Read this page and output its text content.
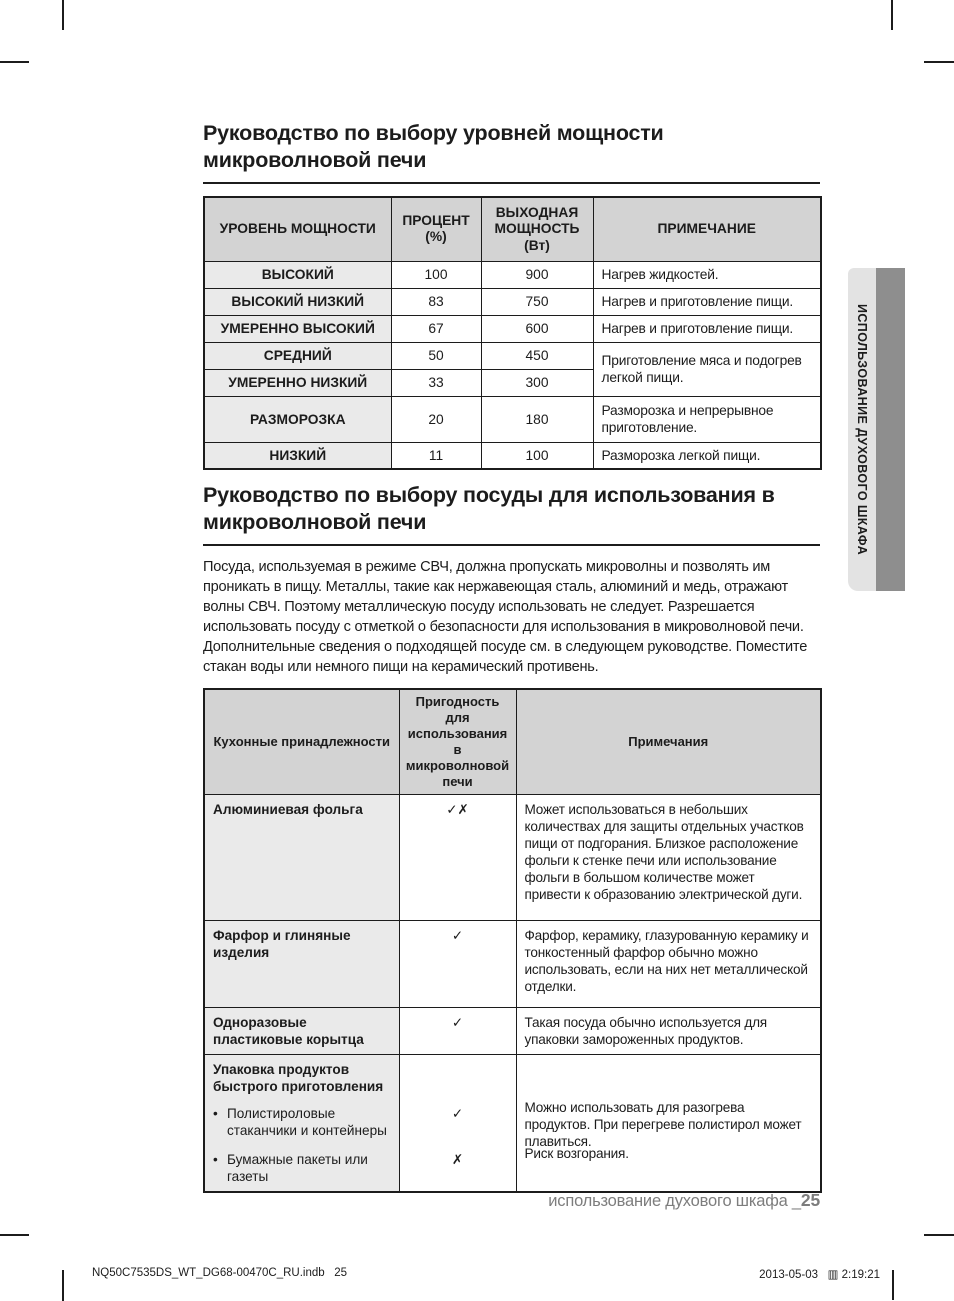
Руководство по выбору уровней мощности
микроволновой печи
УРОВЕНЬ МОЩНОСТИ	ПРОЦЕНТ (%)	ВЫХОДНАЯ МОЩНОСТЬ (Вт)	ПРИМЕЧАНИЕ
ВЫСОКИЙ	100	900	Нагрев жидкостей.
ВЫСОКИЙ НИЗКИЙ	83	750	Нагрев и приготовление пищи.
УМЕРЕННО ВЫСОКИЙ	67	600	Нагрев и приготовление пищи.
СРЕДНИЙ	50	450	Приготовление мяса и подогрев легкой пищи.
УМЕРЕННО НИЗКИЙ	33	300	
РАЗМОРОЗКА	20	180	Разморозка и непрерывное приготовление.
НИЗКИЙ	11	100	Разморозка легкой пищи.
Руководство по выбору посуды для использования в
микроволновой печи
Посуда, используемая в режиме СВЧ, должна пропускать микроволны и позволять им проникать в пищу. Металлы, такие как нержавеющая сталь, алюминий и медь, отражают волны СВЧ. Поэтому металлическую посуду использовать не следует. Разрешается использовать посуду с отметкой о безопасности для использования в микроволновой печи. Дополнительные сведения о подходящей посуде см. в следующем руководстве. Поместите стакан воды или немного пищи на керамический противень.
Кухонные принадлежности	Пригодность для использования в микроволновой печи	Примечания
Алюминиевая фольга	✓✗	Может использоваться в небольших количествах для защиты отдельных участков пищи от подгорания. Близкое расположение фольги к стенке печи или использование фольги в большом количестве может привести к образованию электрической дуги.
Фарфор и глиняные изделия	✓	Фарфор, керамику, глазурованную керамику и тонкостенный фарфор обычно можно использовать, если на них нет металлической отделки.
Одноразовые пластиковые корытца	✓	Такая посуда обычно используется для упаковки замороженных продуктов.

Упаковка продуктов быстрого приготовления
• Полистироловые стаканчики и контейнеры
• Бумажные пакеты или газеты

✓
✗

Можно использовать для разогрева продуктов. При перегреве полистирол может плавиться.
Риск возгорания.
ИСПОЛЬЗОВАНИЕ ДУХОВОГО ШКАФА
использование духового шкафа _25
NQ50C7535DS_WT_DG68-00470C_RU.indb   25	2013-05-03   ▥ 2:19:21
